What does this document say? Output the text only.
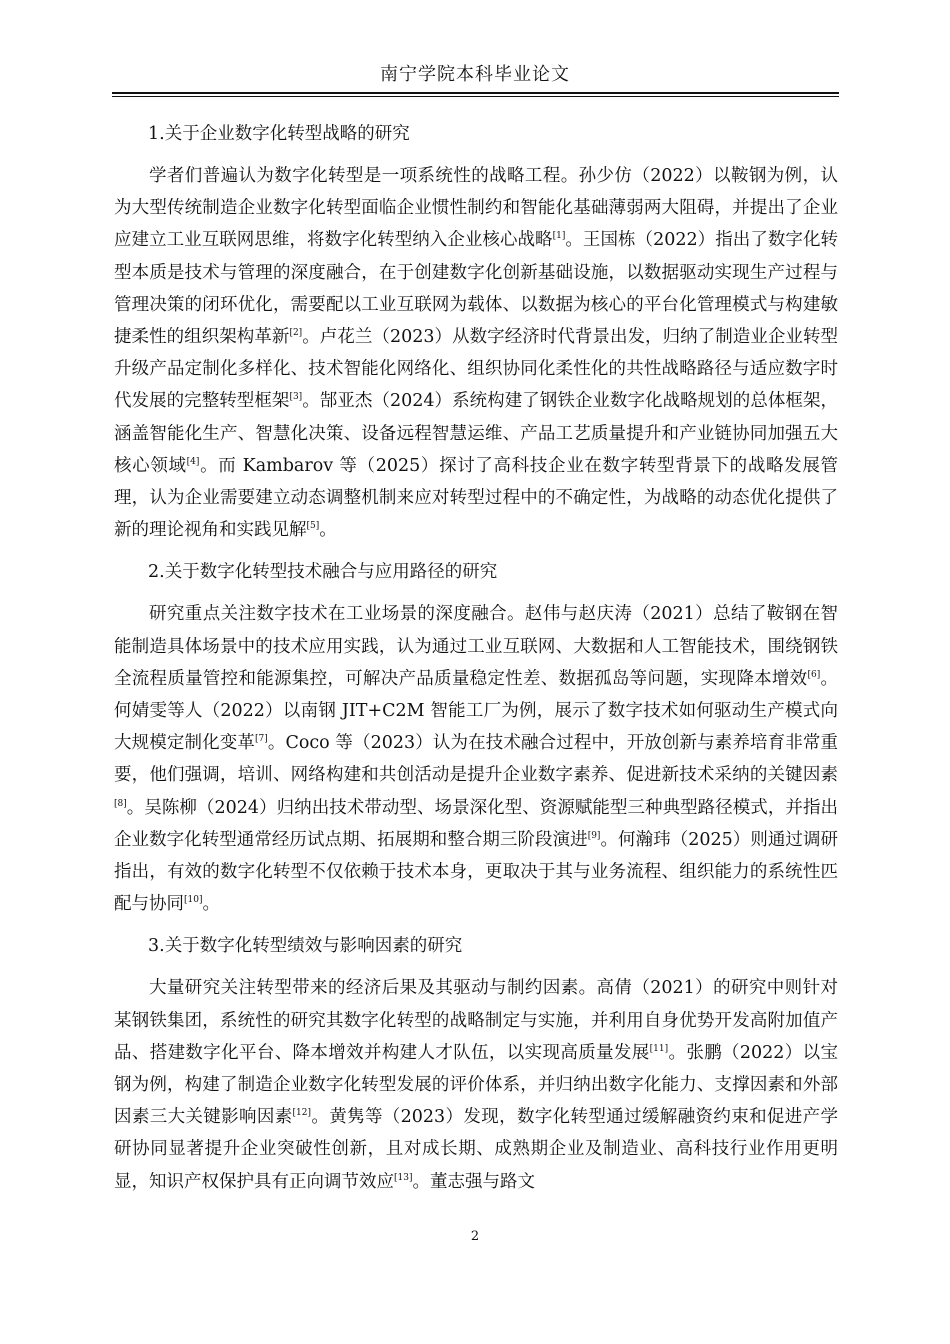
南宁学院本科毕业论文
1.关于企业数字化转型战略的研究

学者们普遍认为数字化转型是一项系统性的战略工程。孙少仿（2022）以鞍钢为例，认为大型传统制造企业数字化转型面临企业惯性制约和智能化基础薄弱两大阻碍，并提出了企业应建立工业互联网思维，将数字化转型纳入企业核心战略[1]。王国栋（2022）指出了数字化转型本质是技术与管理的深度融合，在于创建数字化创新基础设施，以数据驱动实现生产过程与管理决策的闭环优化，需要配以工业互联网为载体、以数据为核心的平台化管理模式与构建敏捷柔性的组织架构革新[2]。卢花兰（2023）从数字经济时代背景出发，归纳了制造业企业转型升级产品定制化多样化、技术智能化网络化、组织协同化柔性化的共性战略路径与适应数字时代发展的完整转型框架[3]。郜亚杰（2024）系统构建了钢铁企业数字化战略规划的总体框架，涵盖智能化生产、智慧化决策、设备远程智慧运维、产品工艺质量提升和产业链协同加强五大核心领域[4]。而 Kambarov 等（2025）探讨了高科技企业在数字转型背景下的战略发展管理，认为企业需要建立动态调整机制来应对转型过程中的不确定性，为战略的动态优化提供了新的理论视角和实践见解[5]。

2.关于数字化转型技术融合与应用路径的研究

研究重点关注数字技术在工业场景的深度融合。赵伟与赵庆涛（2021）总结了鞍钢在智能制造具体场景中的技术应用实践，认为通过工业互联网、大数据和人工智能技术，围绕钢铁全流程质量管控和能源集控，可解决产品质量稳定性差、数据孤岛等问题，实现降本增效[6]。何婧雯等人（2022）以南钢 JIT+C2M 智能工厂为例，展示了数字技术如何驱动生产模式向大规模定制化变革[7]。Coco 等（2023）认为在技术融合过程中，开放创新与素养培育非常重要，他们强调，培训、网络构建和共创活动是提升企业数字素养、促进新技术采纳的关键因素[8]。吴陈柳（2024）归纳出技术带动型、场景深化型、资源赋能型三种典型路径模式，并指出企业数字化转型通常经历试点期、拓展期和整合期三阶段演进[9]。何瀚玮（2025）则通过调研指出，有效的数字化转型不仅依赖于技术本身，更取决于其与业务流程、组织能力的系统性匹配与协同[10]。

3.关于数字化转型绩效与影响因素的研究

大量研究关注转型带来的经济后果及其驱动与制约因素。高倩（2021）的研究中则针对某钢铁集团，系统性的研究其数字化转型的战略制定与实施，并利用自身优势开发高附加值产品、搭建数字化平台、降本增效并构建人才队伍，以实现高质量发展[11]。张鹏（2022）以宝钢为例，构建了制造企业数字化转型发展的评价体系，并归纳出数字化能力、支撑因素和外部因素三大关键影响因素[12]。黄隽等（2023）发现，数字化转型通过缓解融资约束和促进产学研协同显著提升企业突破性创新，且对成长期、成熟期企业及制造业、高科技行业作用更明显，知识产权保护具有正向调节效应[13]。董志强与路文

2
